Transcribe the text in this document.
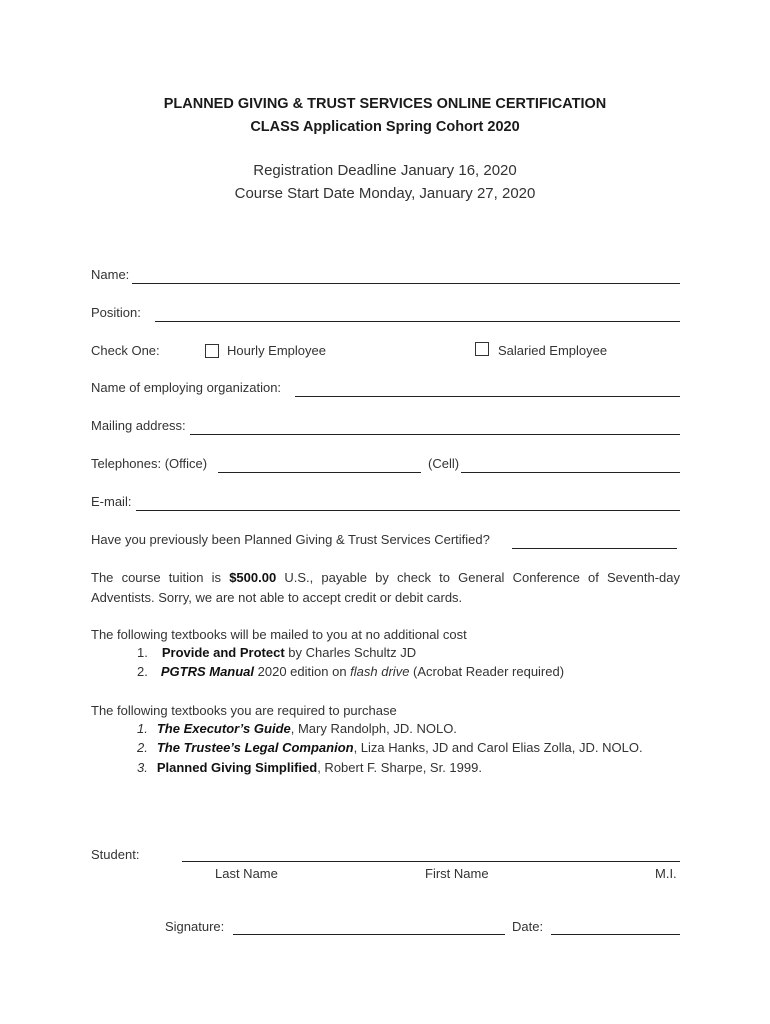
PLANNED GIVING & TRUST SERVICES ONLINE CERTIFICATION
CLASS Application Spring Cohort 2020
Registration Deadline January 16, 2020
Course Start Date Monday, January 27, 2020
Name:
Position:
Check One:	Hourly Employee	Salaried Employee
Name of employing organization:
Mailing address:
Telephones: (Office)	(Cell)
E-mail:
Have you previously been Planned Giving & Trust Services Certified?
The course tuition is $500.00 U.S., payable by check to General Conference of Seventh-day Adventists. Sorry, we are not able to accept credit or debit cards.
The following textbooks will be mailed to you at no additional cost
1. Provide and Protect by Charles Schultz JD
2. PGTRS Manual 2020 edition on flash drive (Acrobat Reader required)
The following textbooks you are required to purchase
1. The Executor’s Guide, Mary Randolph, JD. NOLO.
2. The Trustee’s Legal Companion, Liza Hanks, JD and Carol Elias Zolla, JD. NOLO.
3. Planned Giving Simplified, Robert F. Sharpe, Sr. 1999.
Student:
Last Name	First Name	M.I.
Signature:	Date:
